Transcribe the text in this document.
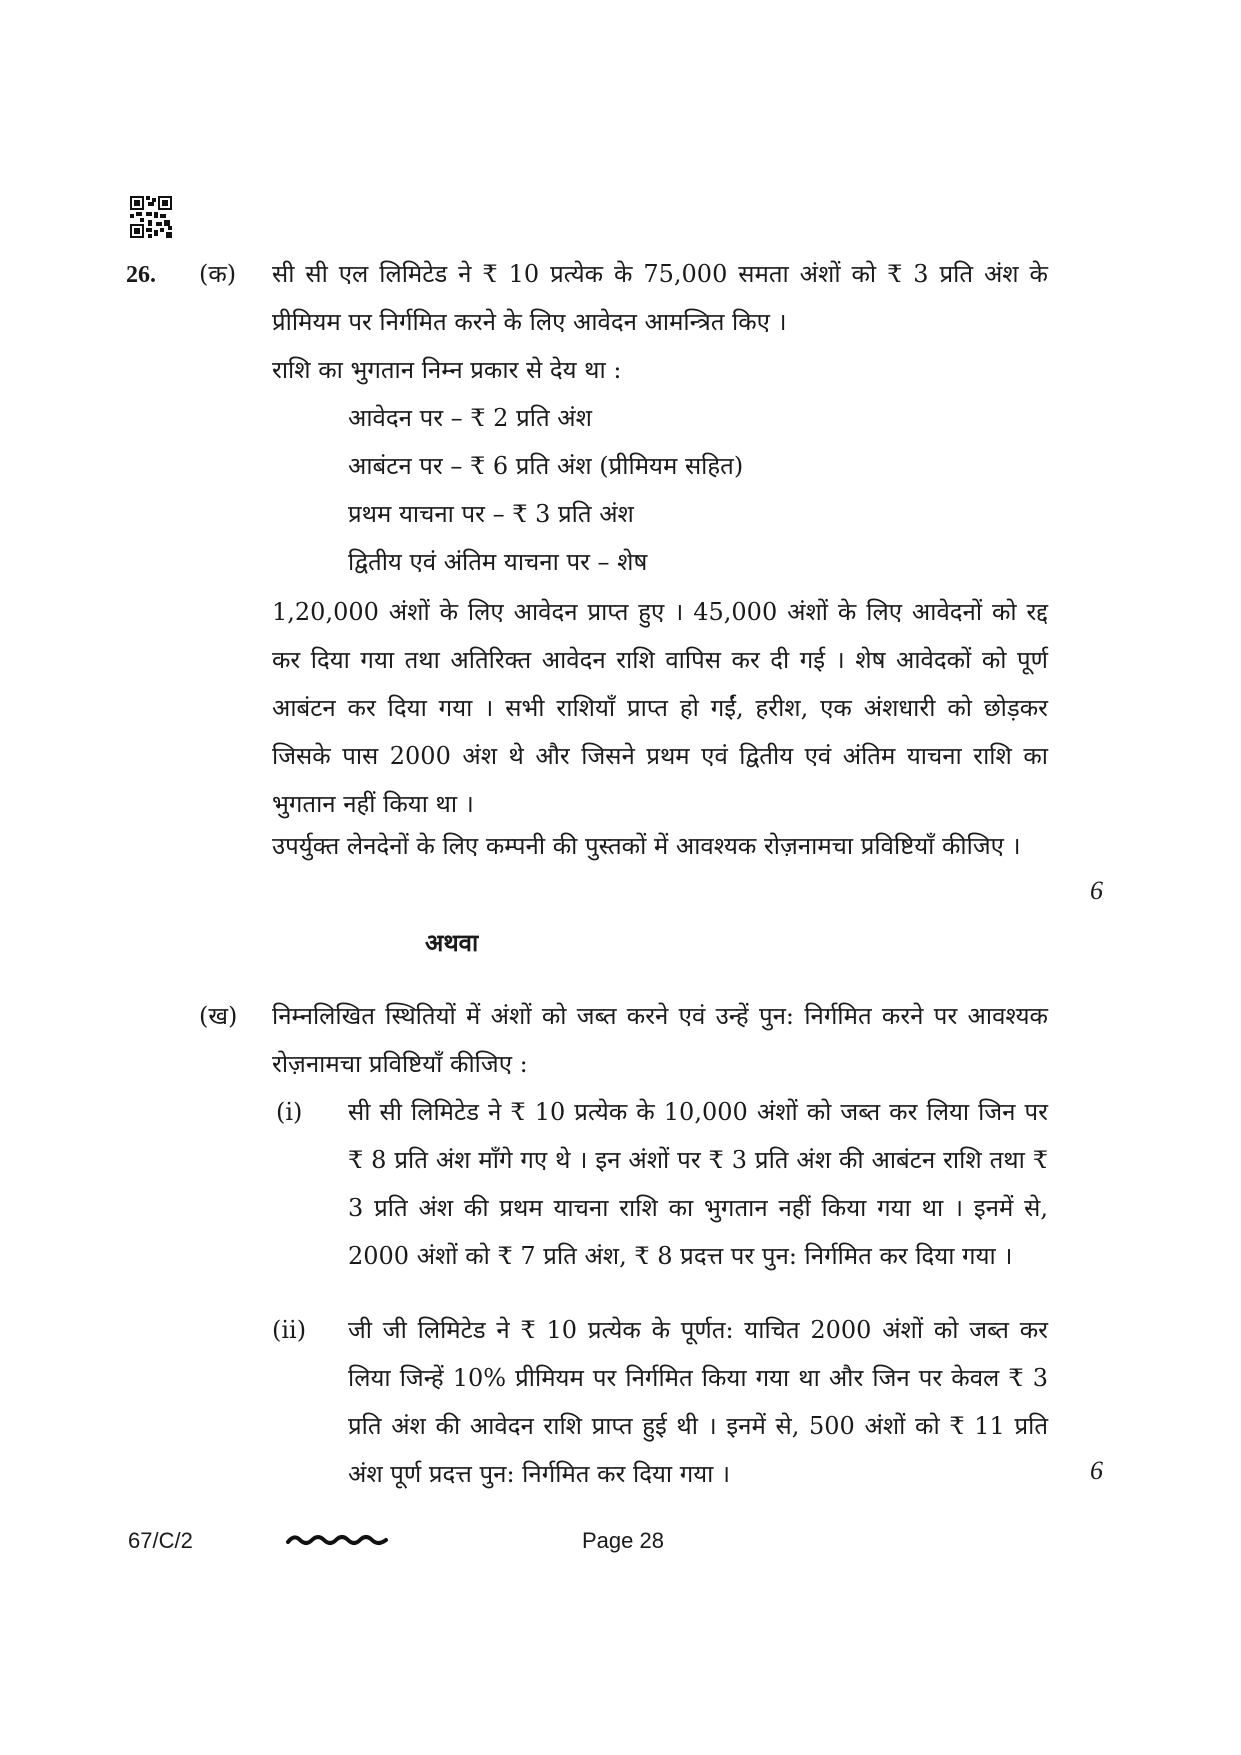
26. (क) सी सी एल लिमिटेड ने ₹ 10 प्रत्येक के 75,000 समता अंशों को ₹ 3 प्रति अंश के प्रीमियम पर निर्गमित करने के लिए आवेदन आमन्त्रित किए ।
राशि का भुगतान निम्न प्रकार से देय था :
आवेदन पर – ₹ 2 प्रति अंश
आबंटन पर – ₹ 6 प्रति अंश (प्रीमियम सहित)
प्रथम याचना पर – ₹ 3 प्रति अंश
द्वितीय एवं अंतिम याचना पर – शेष
1,20,000 अंशों के लिए आवेदन प्राप्त हुए । 45,000 अंशों के लिए आवेदनों को रद्द कर दिया गया तथा अतिरिक्त आवेदन राशि वापिस कर दी गई । शेष आवेदकों को पूर्ण आबंटन कर दिया गया । सभी राशियाँ प्राप्त हो गईं, हरीश, एक अंशधारी को छोड़कर जिसके पास 2000 अंश थे और जिसने प्रथम एवं द्वितीय एवं अंतिम याचना राशि का भुगतान नहीं किया था ।
उपर्युक्त लेनदेनों के लिए कम्पनी की पुस्तकों में आवश्यक रोज़नामचा प्रविष्टियाँ कीजिए ।
6
अथवा
(ख) निम्नलिखित स्थितियों में अंशों को जब्त करने एवं उन्हें पुन: निर्गमित करने पर आवश्यक रोज़नामचा प्रविष्टियाँ कीजिए :
(i) सी सी लिमिटेड ने ₹ 10 प्रत्येक के 10,000 अंशों को जब्त कर लिया जिन पर ₹ 8 प्रति अंश माँगे गए थे । इन अंशों पर ₹ 3 प्रति अंश की आबंटन राशि तथा ₹ 3 प्रति अंश की प्रथम याचना राशि का भुगतान नहीं किया गया था । इनमें से, 2000 अंशों को ₹ 7 प्रति अंश, ₹ 8 प्रदत्त पर पुन: निर्गमित कर दिया गया ।
(ii) जी जी लिमिटेड ने ₹ 10 प्रत्येक के पूर्णत: याचित 2000 अंशों को जब्त कर लिया जिन्हें 10% प्रीमियम पर निर्गमित किया गया था और जिन पर केवल ₹ 3 प्रति अंश की आवेदन राशि प्राप्त हुई थी । इनमें से, 500 अंशों को ₹ 11 प्रति अंश पूर्ण प्रदत्त पुन: निर्गमित कर दिया गया ।	6
67/C/2	Page 28
